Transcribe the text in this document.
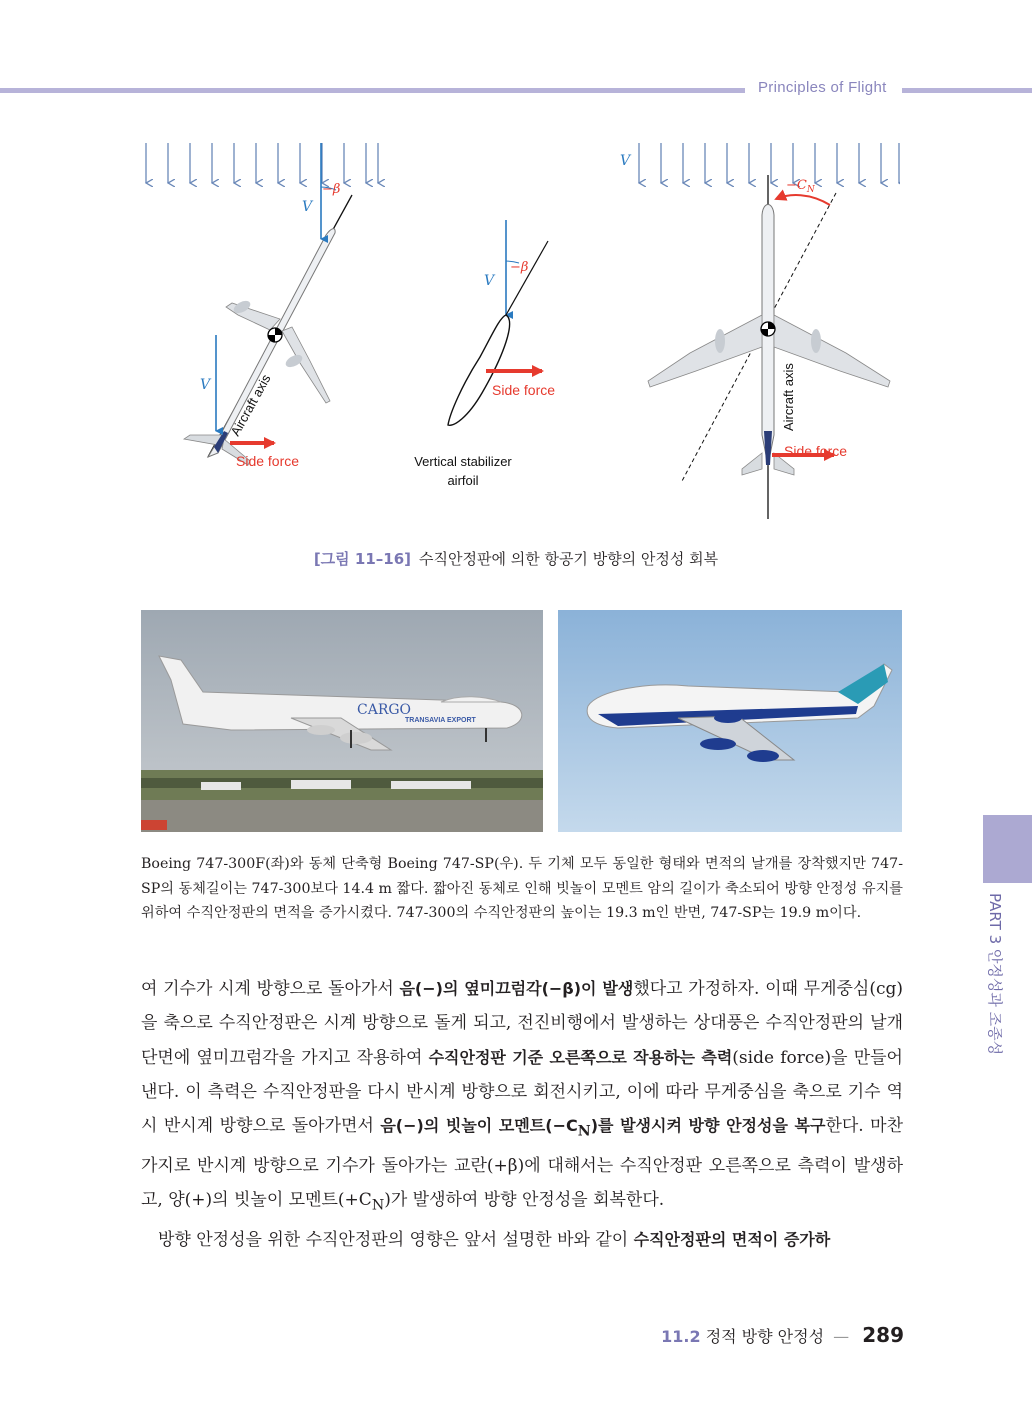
Principles of Flight
−β
V
V Aircraft axis
Side force
−β
V
Side force
Vertical stabilizer
airfoil
V
$-C_N$
Aircraft axis
Side force
[그림 11–16] 수직안정판에 의한 항공기 방향의 안정성 회복
CARGO
TRANSAVIA EXPORT
Boeing 747-300F(좌)와 동체 단축형 Boeing 747-SP(우). 두 기체 모두 동일한 형태와 면적의 날개를 장착했지만 747-SP의 동체길이는 747-300보다 14.4 m 짧다. 짧아진 동체로 인해 빗놀이 모멘트 암의 길이가 축소되어 방향 안정성 유지를 위하여 수직안정판의 면적을 증가시켰다. 747-300의 수직안정판의 높이는 19.3 m인 반면, 747-SP는 19.9 m이다.	PART 3 안정성과 조종성

여 기수가 시계 방향으로 돌아가서 음(−)의 옆미끄럼각(−β)이 발생했다고 가정하자. 이때 무게중심(cg)을 축으로 수직안정판은 시계 방향으로 돌게 되고, 전진비행에서 발생하는 상대풍은 수직안정판의 날개 단면에 옆미끄럼각을 가지고 작용하여 수직안정판 기준 오른쪽으로 작용하는 측력(side force)을 만들어 낸다. 이 측력은 수직안정판을 다시 반시계 방향으로 회전시키고, 이에 따라 무게중심을 축으로 기수 역시 반시계 방향으로 돌아가면서 음(−)의 빗놀이 모멘트$(-C_N)$를 발생시켜 방향 안정성을 복구한다. 마찬가지로 반시계 방향으로 기수가 돌아가는 교란(+β)에 대해서는 수직안정판 오른쪽으로 측력이 발생하고, 양(+)의 빗놀이 모멘트$(+C_N)$가 발생하여 방향 안정성을 회복한다.

방향 안정성을 위한 수직안정판의 영향은 앞서 설명한 바와 같이 수직안정판의 면적이 증가하

11.2 정적 방향 안정성 — 289
